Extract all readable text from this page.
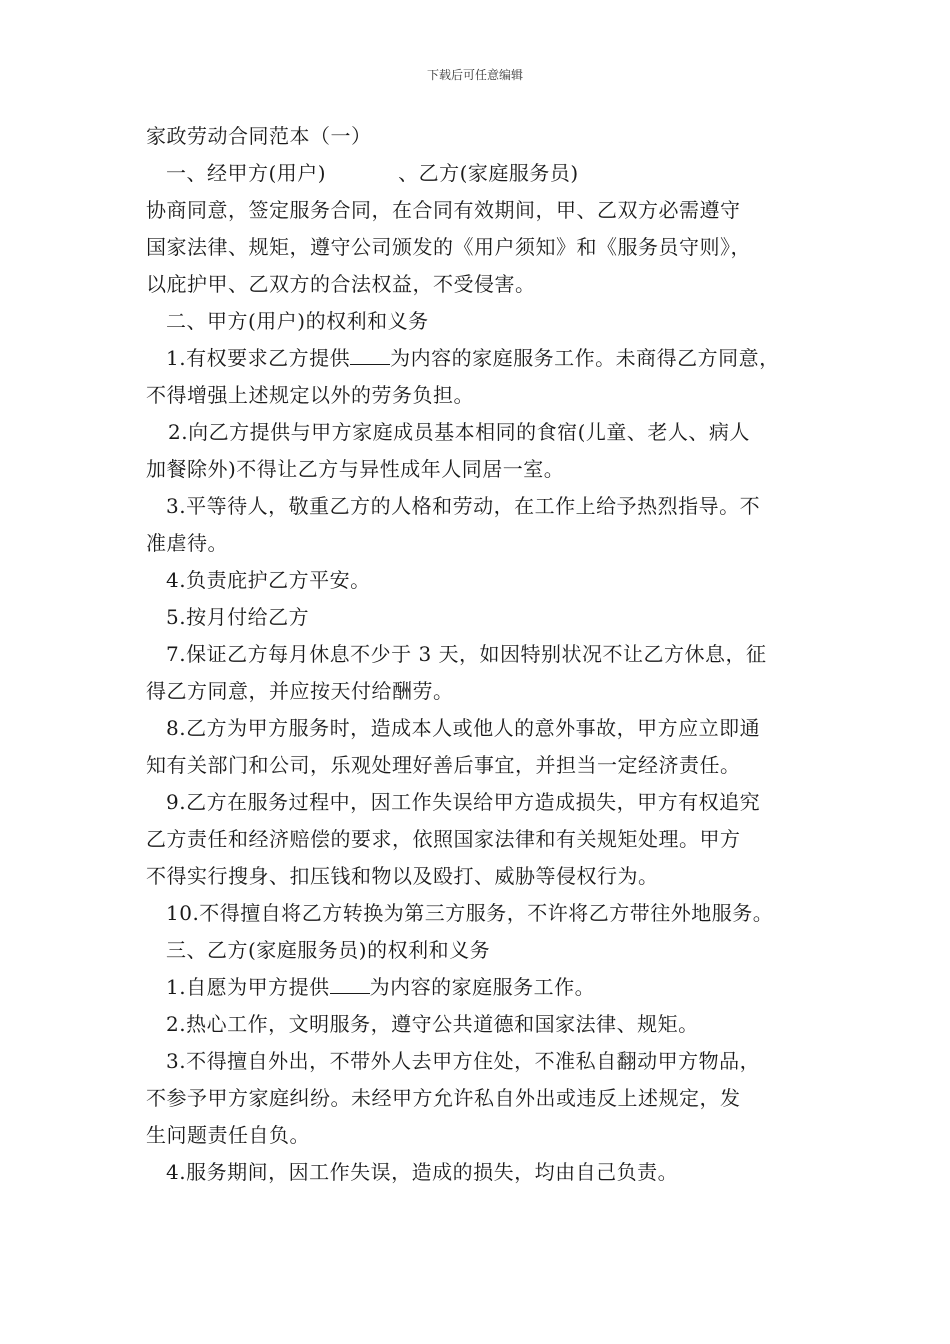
下载后可任意编辑
家政劳动合同范本（一）
一、经甲方(用户)	、乙方(家庭服务员)
协商同意，签定服务合同，在合同有效期间，甲、乙双方必需遵守
国家法律、规矩，遵守公司颁发的《用户须知》和《服务员守则》，
以庇护甲、乙双方的合法权益，不受侵害。
二、甲方(用户)的权利和义务
1.有权要求乙方提供 为内容的家庭服务工作。未商得乙方同意，
不得增强上述规定以外的劳务负担。
2.向乙方提供与甲方家庭成员基本相同的食宿(儿童、老人、病人
加餐除外)不得让乙方与异性成年人同居一室。
3.平等待人，敬重乙方的人格和劳动，在工作上给予热烈指导。不
准虐待。
4.负责庇护乙方平安。
5.按月付给乙方
7.保证乙方每月休息不少于 3 天，如因特别状况不让乙方休息，征
得乙方同意，并应按天付给酬劳。
8.乙方为甲方服务时，造成本人或他人的意外事故，甲方应立即通
知有关部门和公司，乐观处理好善后事宜，并担当一定经济责任。
9.乙方在服务过程中，因工作失误给甲方造成损失，甲方有权追究
乙方责任和经济赔偿的要求，依照国家法律和有关规矩处理。甲方
不得实行搜身、扣压钱和物以及殴打、威胁等侵权行为。
10.不得擅自将乙方转换为第三方服务，不许将乙方带往外地服务。
三、乙方(家庭服务员)的权利和义务
1.自愿为甲方提供 为内容的家庭服务工作。
2.热心工作，文明服务，遵守公共道德和国家法律、规矩。
3.不得擅自外出，不带外人去甲方住处，不准私自翻动甲方物品，
不参予甲方家庭纠纷。未经甲方允许私自外出或违反上述规定，发
生问题责任自负。
4.服务期间，因工作失误，造成的损失，均由自己负责。
